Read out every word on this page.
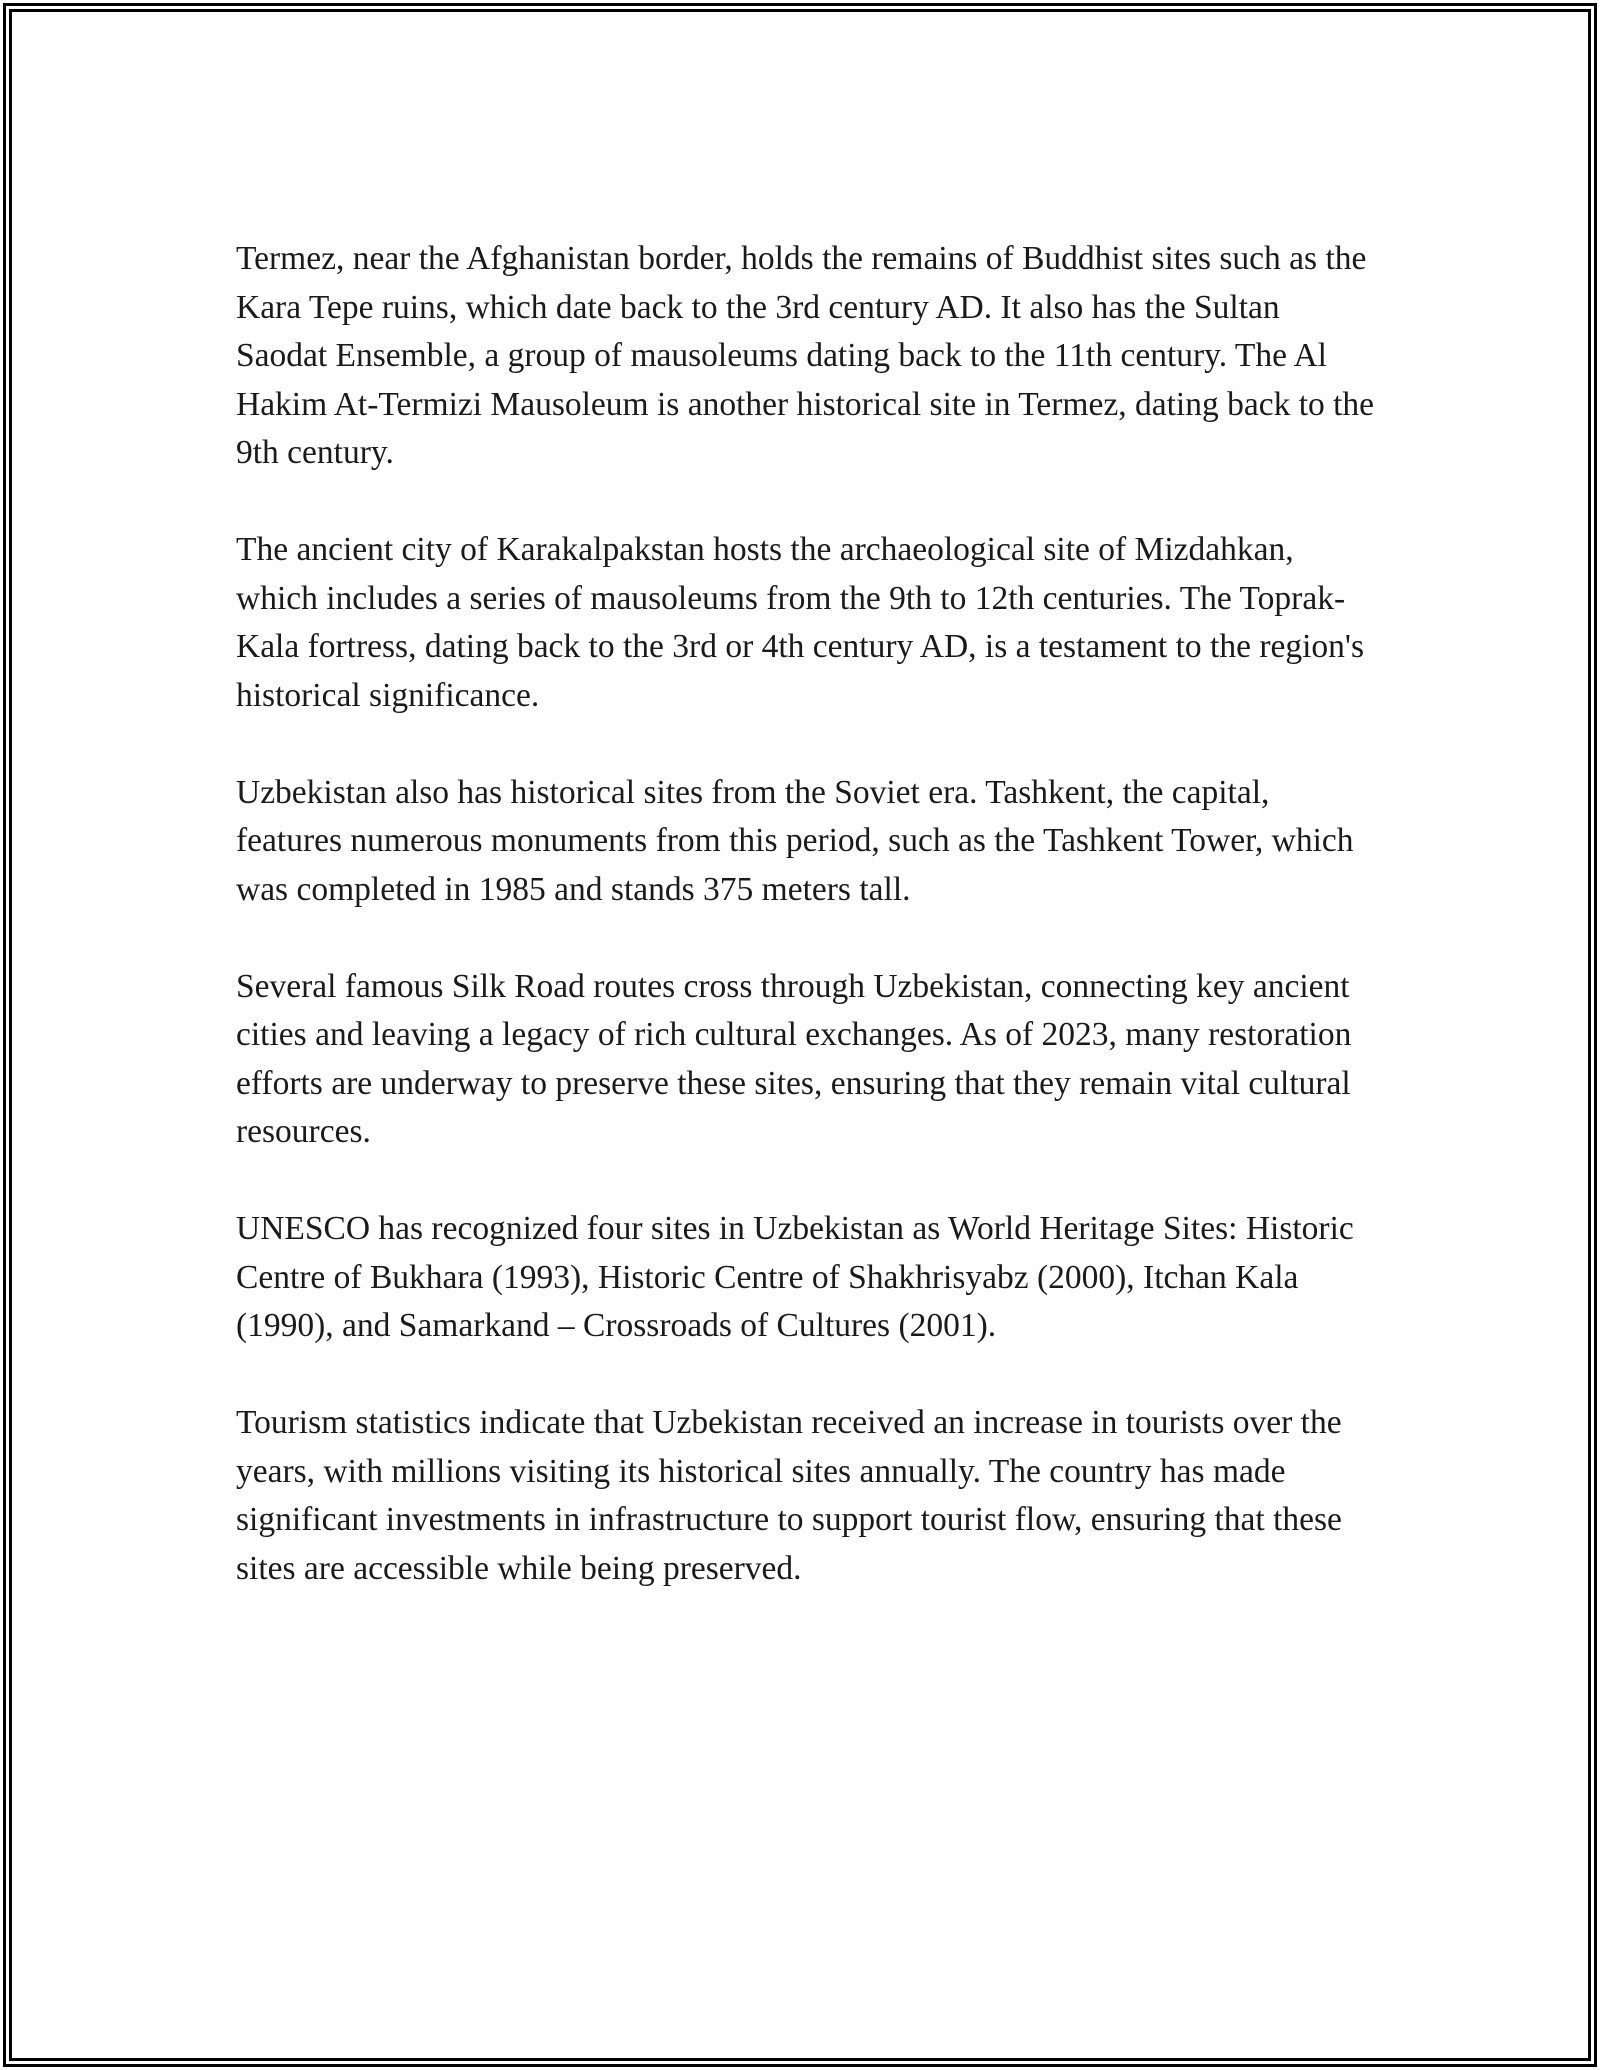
Termez, near the Afghanistan border, holds the remains of Buddhist sites such as the Kara Tepe ruins, which date back to the 3rd century AD. It also has the Sultan Saodat Ensemble, a group of mausoleums dating back to the 11th century. The Al Hakim At-Termizi Mausoleum is another historical site in Termez, dating back to the 9th century.

The ancient city of Karakalpakstan hosts the archaeological site of Mizdahkan, which includes a series of mausoleums from the 9th to 12th centuries. The Toprak-Kala fortress, dating back to the 3rd or 4th century AD, is a testament to the region's historical significance.

Uzbekistan also has historical sites from the Soviet era. Tashkent, the capital, features numerous monuments from this period, such as the Tashkent Tower, which was completed in 1985 and stands 375 meters tall.

Several famous Silk Road routes cross through Uzbekistan, connecting key ancient cities and leaving a legacy of rich cultural exchanges. As of 2023, many restoration efforts are underway to preserve these sites, ensuring that they remain vital cultural resources.

UNESCO has recognized four sites in Uzbekistan as World Heritage Sites: Historic Centre of Bukhara (1993), Historic Centre of Shakhrisyabz (2000), Itchan Kala (1990), and Samarkand – Crossroads of Cultures (2001).

Tourism statistics indicate that Uzbekistan received an increase in tourists over the years, with millions visiting its historical sites annually. The country has made significant investments in infrastructure to support tourist flow, ensuring that these sites are accessible while being preserved.
